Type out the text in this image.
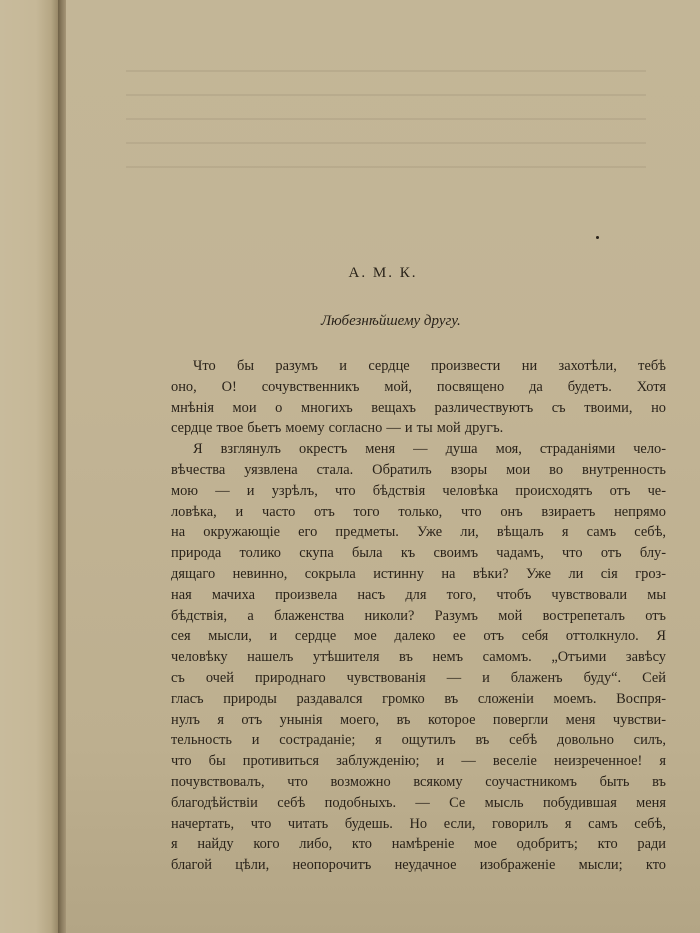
А. М. К.

Любезнѣйшему другу.

Что бы разумъ и сердце произвести ни захотѣли, тебѣ
оно, О! сочувственникъ мой, посвящено да будетъ. Хотя
мнѣнія мои о многихъ вещахъ различествуютъ съ твоими, но
сердце твое бьетъ моему согласно — и ты мой другъ.
Я взглянулъ окрестъ меня — душа моя, страданіями чело-
вѣчества уязвлена стала. Обратилъ взоры мои во внутренность
мою — и узрѣлъ, что бѣдствія человѣка происходятъ отъ че-
ловѣка, и часто отъ того только, что онъ взираетъ непрямо
на окружающіе его предметы. Уже ли, вѣщалъ я самъ себѣ,
природа толико скупа была къ своимъ чадамъ, что отъ блу-
дящаго невинно, сокрыла истинну на вѣки? Уже ли сія гроз-
ная мачиха произвела насъ для того, чтобъ чувствовали мы
бѣдствія, а блаженства николи? Разумъ мой вострепеталъ отъ
сея мысли, и сердце мое далеко ее отъ себя оттолкнуло. Я
человѣку нашелъ утѣшителя въ немъ самомъ. „Отъими завѣсу
съ очей природнаго чувствованія — и блаженъ буду“. Сей
гласъ природы раздавался громко въ сложеніи моемъ. Воспря-
нулъ я отъ унынія моего, въ которое повергли меня чувстви-
тельность и состраданіе; я ощутилъ въ себѣ довольно силъ,
что бы противиться заблужденію; и — веселіе неизреченное! я
почувствовалъ, что возможно всякому соучастникомъ быть въ
благодѣйствіи себѣ подобныхъ. — Се мысль побудившая меня
начертать, что читать будешь. Но если, говорилъ я самъ себѣ,
я найду кого либо, кто намѣреніе мое одобритъ; кто ради
благой цѣли, неопорочитъ неудачное изображеніе мысли; кто
